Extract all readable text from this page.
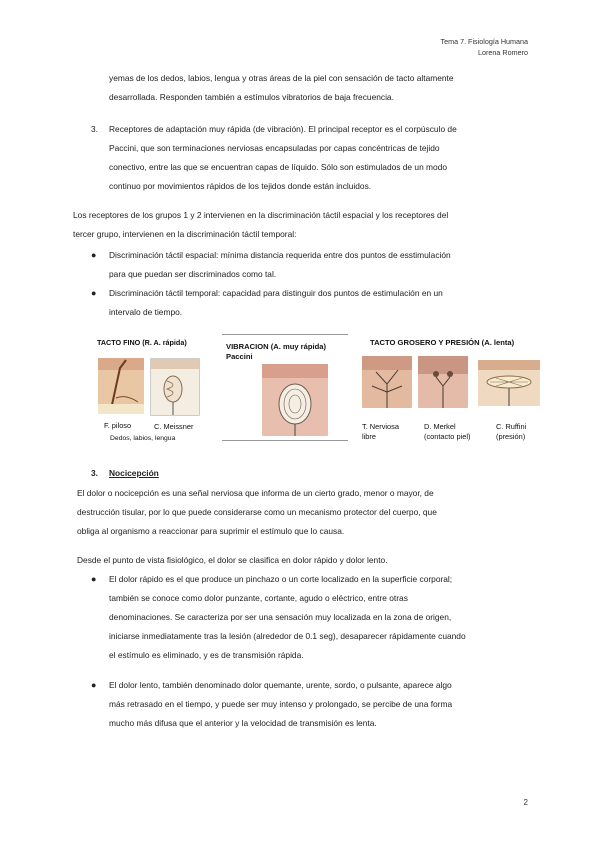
Tema 7. Fisiología Humana
Lorena Romero
yemas de los dedos, labios, lengua y otras áreas de la piel con sensación de tacto altamente
desarrollada. Responden también a estímulos vibratorios de baja frecuencia.
3. Receptores de adaptación muy rápida (de vibración). El principal receptor es el corpúsculo de
Paccini, que son terminaciones nerviosas encapsuladas por capas concéntricas de tejido
conectivo, entre las que se encuentran capas de líquido. Sólo son estimulados de un modo
continuo por movimientos rápidos de los tejidos donde están incluidos.
Los receptores de los grupos 1 y 2 intervienen en la discriminación táctil espacial y los receptores del
tercer grupo, intervienen en la discriminación táctil temporal:
● Discriminación táctil espacial: mínima distancia requerida entre dos puntos de esstimulación
para que puedan ser discriminados como tal.
● Discriminación táctil temporal: capacidad para distinguir dos puntos de estimulación en un
intervalo de tiempo.
TACTO FINO (R. A. rápida)
F. piloso	C. Meissner
Dedos, labios, lengua
VIBRACION (A. muy rápida)
Paccini
TACTO GROSERO Y PRESIÓN (A. lenta)
T. Nerviosa
libre
D. Merkel
(contacto piel)
C. Ruffini
(presión)
3. Nocicepción
El dolor o nocicepción es una señal nerviosa que informa de un cierto grado, menor o mayor, de
destrucción tisular, por lo que puede considerarse como un mecanismo protector del cuerpo, que
obliga al organismo a reaccionar para suprimir el estímulo que lo causa.
Desde el punto de vista fisiológico, el dolor se clasifica en dolor rápido y dolor lento.
● El dolor rápido es el que produce un pinchazo o un corte localizado en la superficie corporal;
también se conoce como dolor punzante, cortante, agudo o eléctrico, entre otras
denominaciones. Se caracteriza por ser una sensación muy localizada en la zona de origen,
iniciarse inmediatamente tras la lesión (alrededor de 0.1 seg), desaparecer rápidamente cuando
el estímulo es eliminado, y es de transmisión rápida.
● El dolor lento, también denominado dolor quemante, urente, sordo, o pulsante, aparece algo
más retrasado en el tiempo, y puede ser muy intenso y prolongado, se percibe de una forma
mucho más difusa que el anterior y la velocidad de transmisión es lenta.
2
